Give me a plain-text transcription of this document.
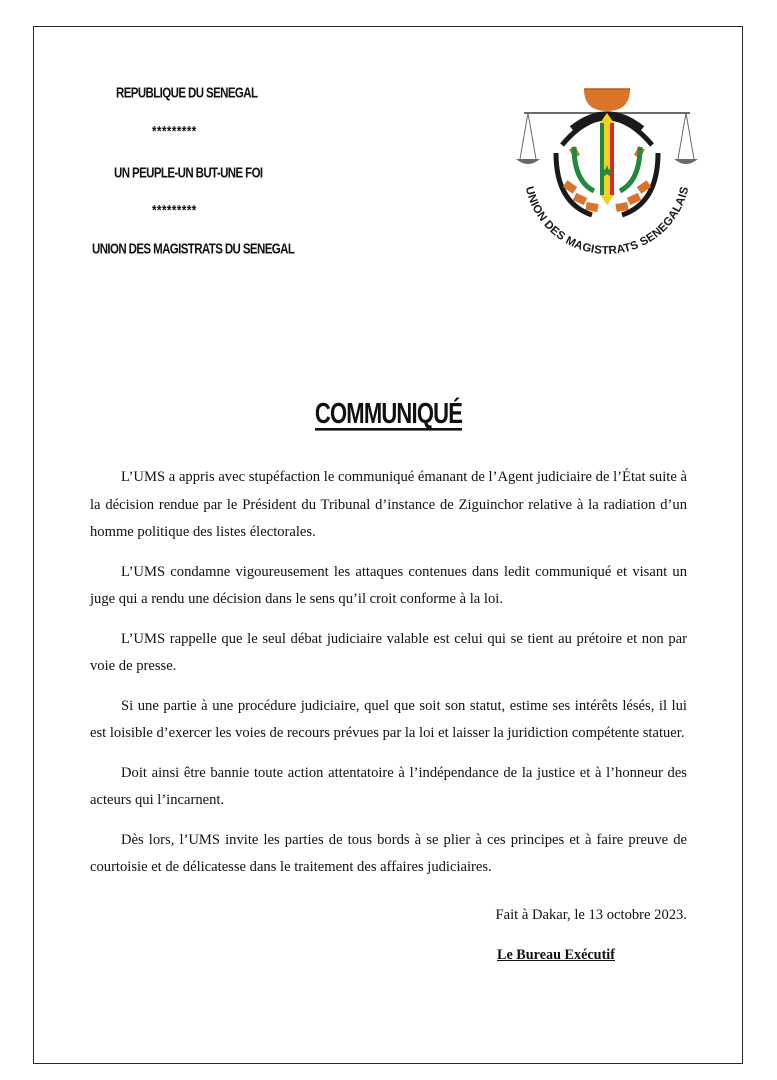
REPUBLIQUE DU SENEGAL
*********
UN PEUPLE-UN BUT-UNE FOI
*********
UNION DES MAGISTRATS DU SENEGAL
UNION DES MAGISTRATS SENEGALAIS
COMMUNIQUÉ

L’UMS a appris avec stupéfaction le communiqué émanant de l’Agent judiciaire de l’État suite à la décision rendue par le Président du Tribunal d’instance de Ziguinchor relative à la radiation d’un homme politique des listes électorales.

L’UMS condamne vigoureusement les attaques contenues dans ledit communiqué et visant un juge qui a rendu une décision dans le sens qu’il croit conforme à la loi.

L’UMS rappelle que le seul débat judiciaire valable est celui qui se tient au prétoire et non par voie de presse.

Si une partie à une procédure judiciaire, quel que soit son statut, estime ses intérêts lésés, il lui est loisible d’exercer les voies de recours prévues par la loi et laisser la juridiction compétente statuer.

Doit ainsi être bannie toute action attentatoire à l’indépendance de la justice et à l’honneur des acteurs qui l’incarnent.

Dès lors, l’UMS invite les parties de tous bords à se plier à ces principes et à faire preuve de courtoisie et de délicatesse dans le traitement des affaires judiciaires.

Fait à Dakar, le 13 octobre 2023.
Le Bureau Exécutif
